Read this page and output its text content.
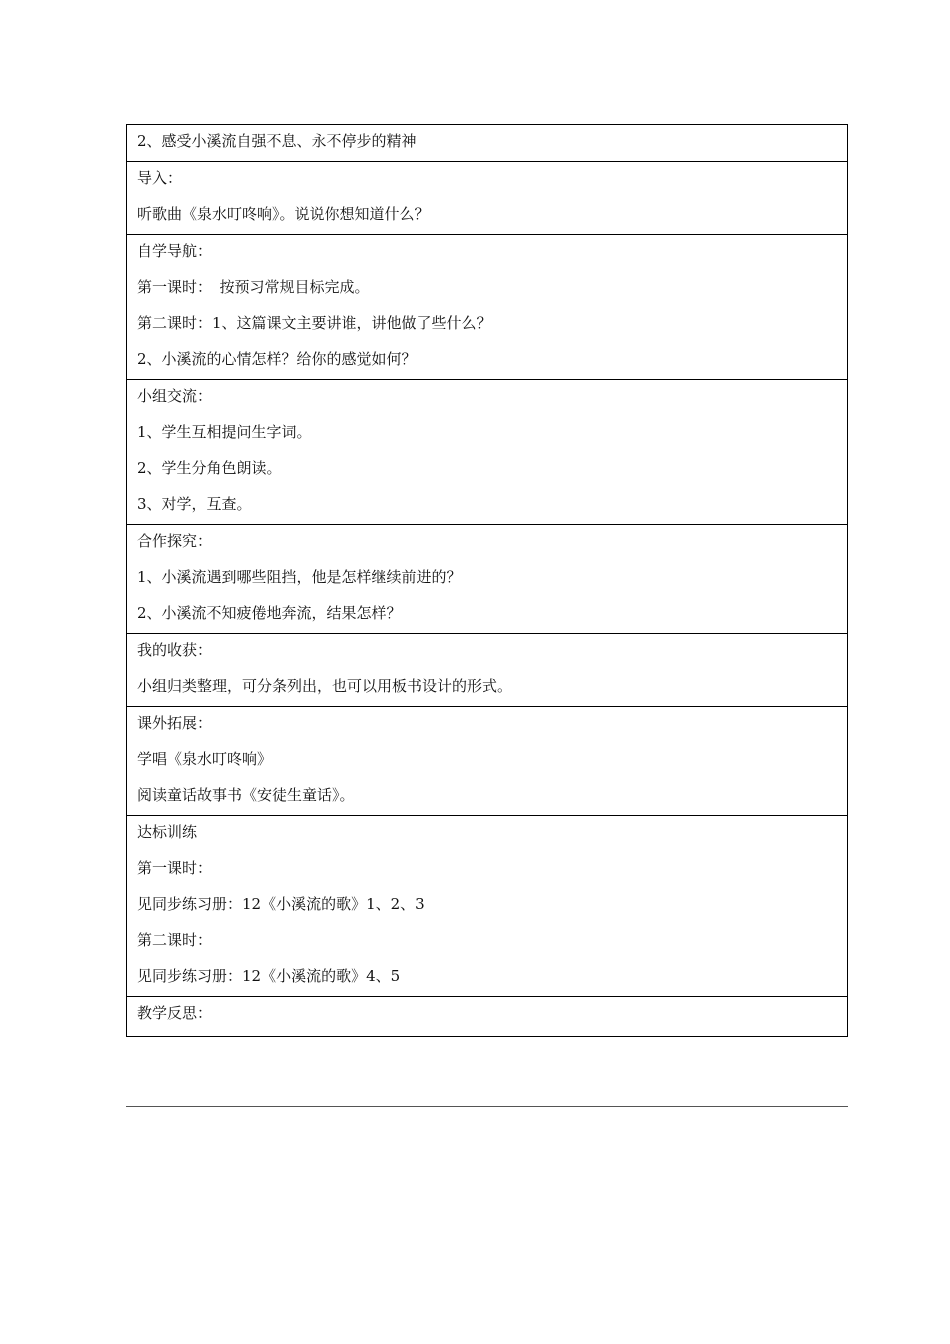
2、感受小溪流自强不息、永不停步的精神
导入：
听歌曲《泉水叮咚响》。说说你想知道什么？
自学导航：
第一课时：　按预习常规目标完成。
第二课时：1、这篇课文主要讲谁，讲他做了些什么？
2、小溪流的心情怎样？给你的感觉如何？
小组交流：
1、学生互相提问生字词。
2、学生分角色朗读。
3、对学，互查。
合作探究：
1、小溪流遇到哪些阻挡，他是怎样继续前进的？
2、小溪流不知疲倦地奔流，结果怎样？
我的收获：
小组归类整理，可分条列出，也可以用板书设计的形式。
课外拓展：
学唱《泉水叮咚响》
阅读童话故事书《安徒生童话》。
达标训练
第一课时：
见同步练习册：12《小溪流的歌》1、2、3
第二课时：
见同步练习册：12《小溪流的歌》4、5
教学反思：
